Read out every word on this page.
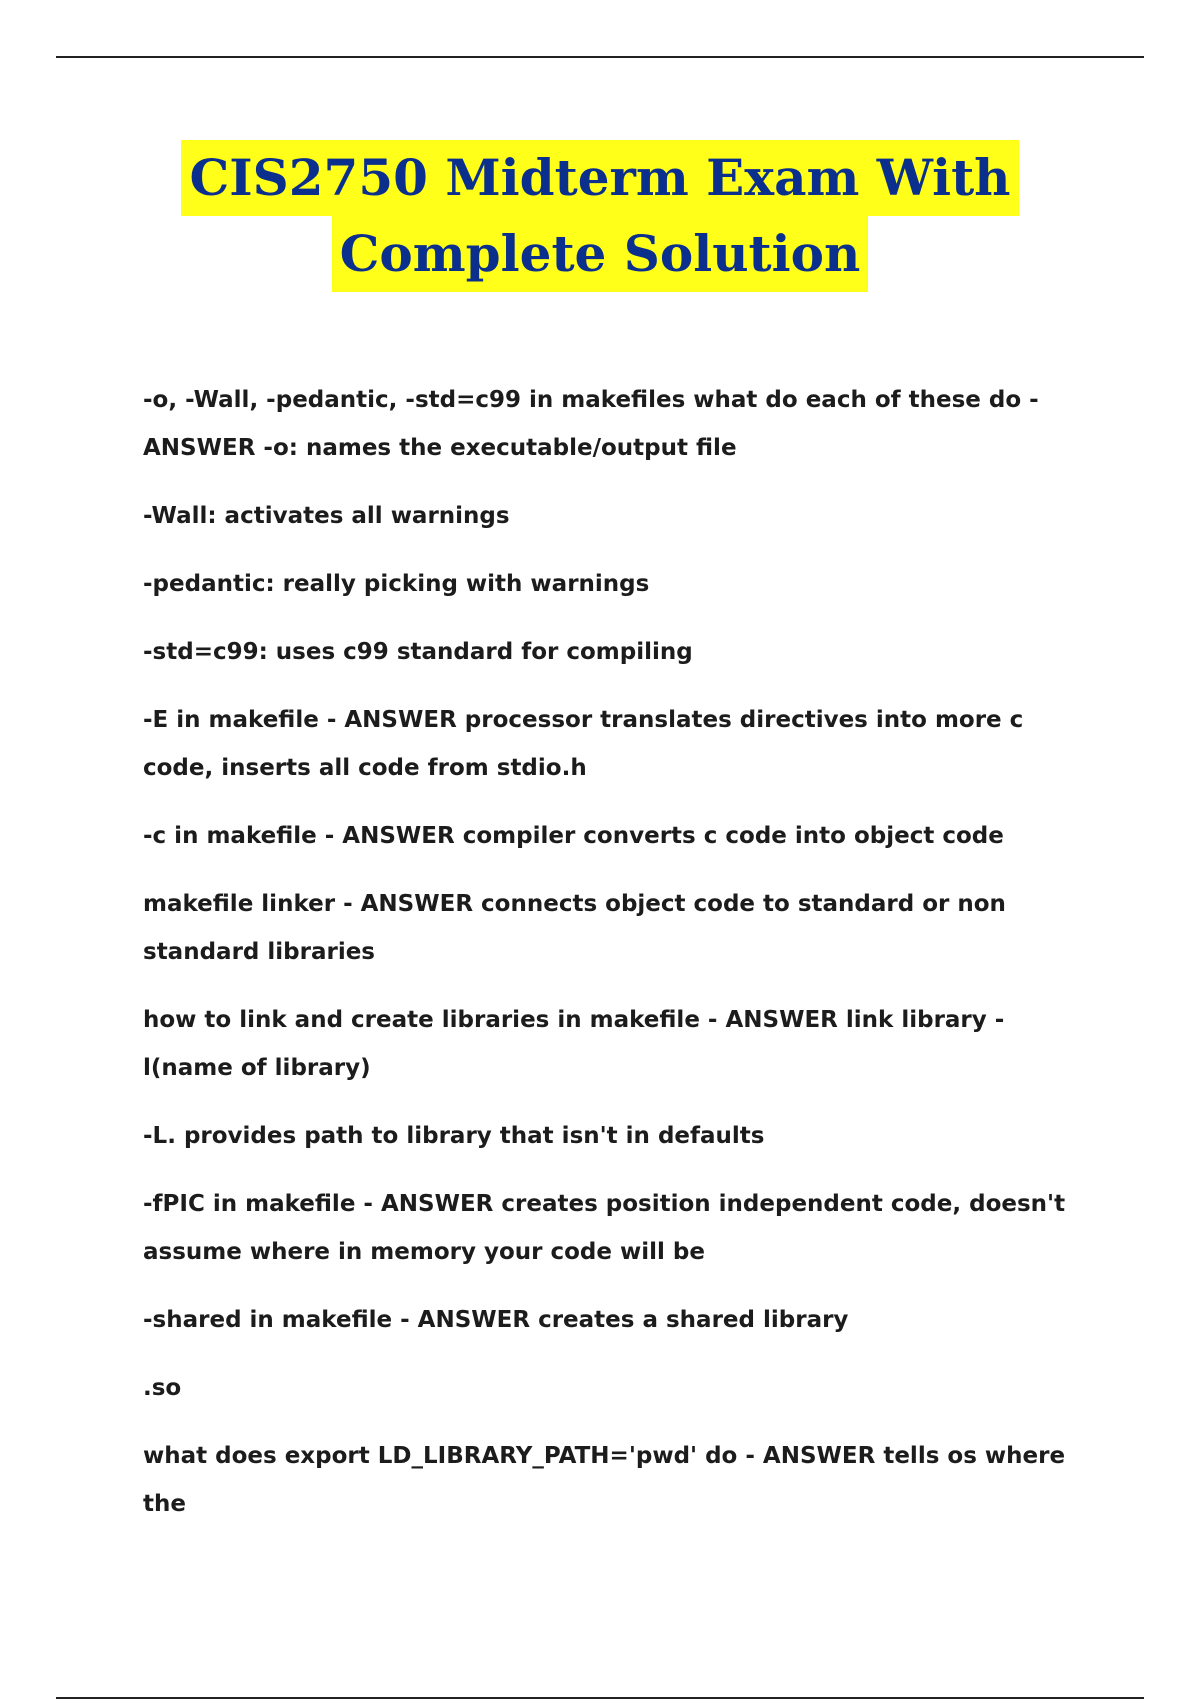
CIS2750 Midterm Exam With
Complete Solution

-o, -Wall, -pedantic, -std=c99 in makefiles what do each of these do - ANSWER -o: names the executable/output file

-Wall: activates all warnings

-pedantic: really picking with warnings

-std=c99: uses c99 standard for compiling

-E in makefile - ANSWER processor translates directives into more c code, inserts all code from stdio.h

-c in makefile - ANSWER compiler converts c code into object code

makefile linker - ANSWER connects object code to standard or non standard libraries

how to link and create libraries in makefile - ANSWER link library -l(name of library)

-L. provides path to library that isn't in defaults

-fPIC in makefile - ANSWER creates position independent code, doesn't assume where in memory your code will be

-shared in makefile - ANSWER creates a shared library

.so

what does export LD_LIBRARY_PATH='pwd' do - ANSWER tells os where the
